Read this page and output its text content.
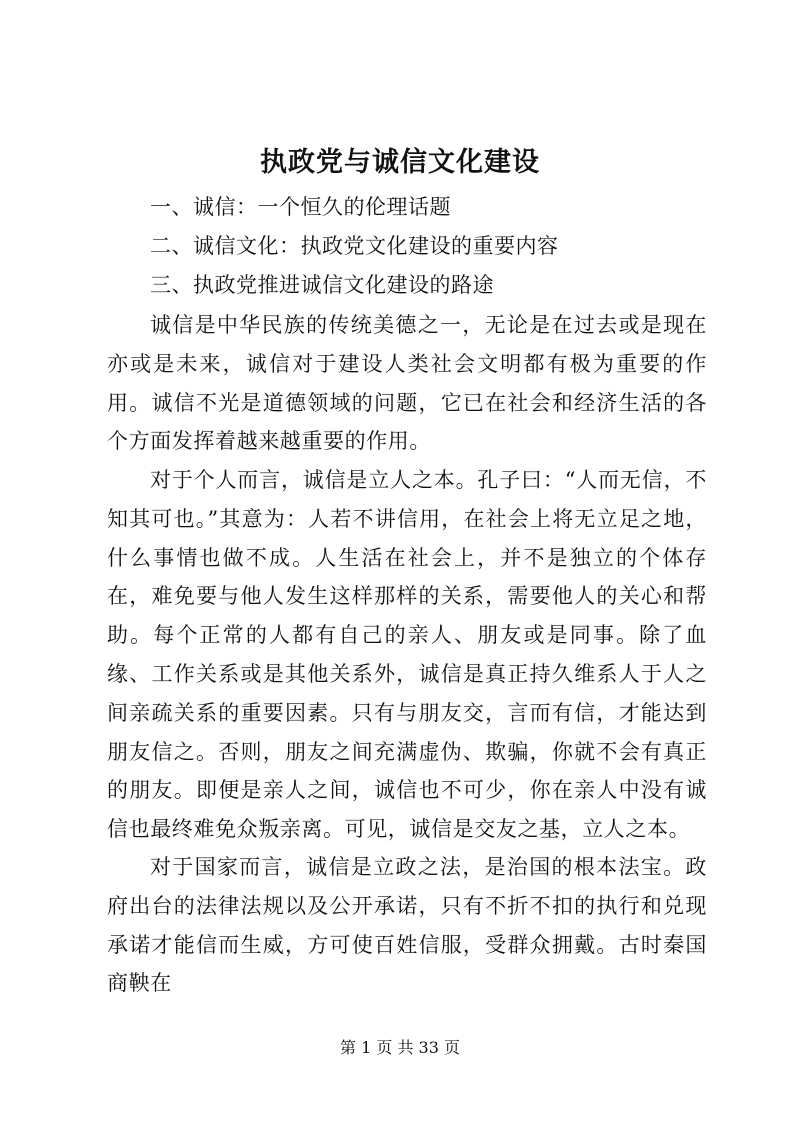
执政党与诚信文化建设
一、诚信：一个恒久的伦理话题
二、诚信文化：执政党文化建设的重要内容
三、执政党推进诚信文化建设的路途

诚信是中华民族的传统美德之一，无论是在过去或是现在亦或是未来，诚信对于建设人类社会文明都有极为重要的作用。诚信不光是道德领域的问题，它已在社会和经济生活的各个方面发挥着越来越重要的作用。

对于个人而言，诚信是立人之本。孔子曰：“人而无信，不知其可也。”其意为：人若不讲信用，在社会上将无立足之地，什么事情也做不成。人生活在社会上，并不是独立的个体存在，难免要与他人发生这样那样的关系，需要他人的关心和帮助。每个正常的人都有自己的亲人、朋友或是同事。除了血缘、工作关系或是其他关系外，诚信是真正持久维系人于人之间亲疏关系的重要因素。只有与朋友交，言而有信，才能达到朋友信之。否则，朋友之间充满虚伪、欺骗，你就不会有真正的朋友。即便是亲人之间，诚信也不可少，你在亲人中没有诚信也最终难免众叛亲离。可见，诚信是交友之基，立人之本。

对于国家而言，诚信是立政之法，是治国的根本法宝。政府出台的法律法规以及公开承诺，只有不折不扣的执行和兑现承诺才能信而生威，方可使百姓信服，受群众拥戴。古时秦国商鞅在

第 1 页 共 33 页
